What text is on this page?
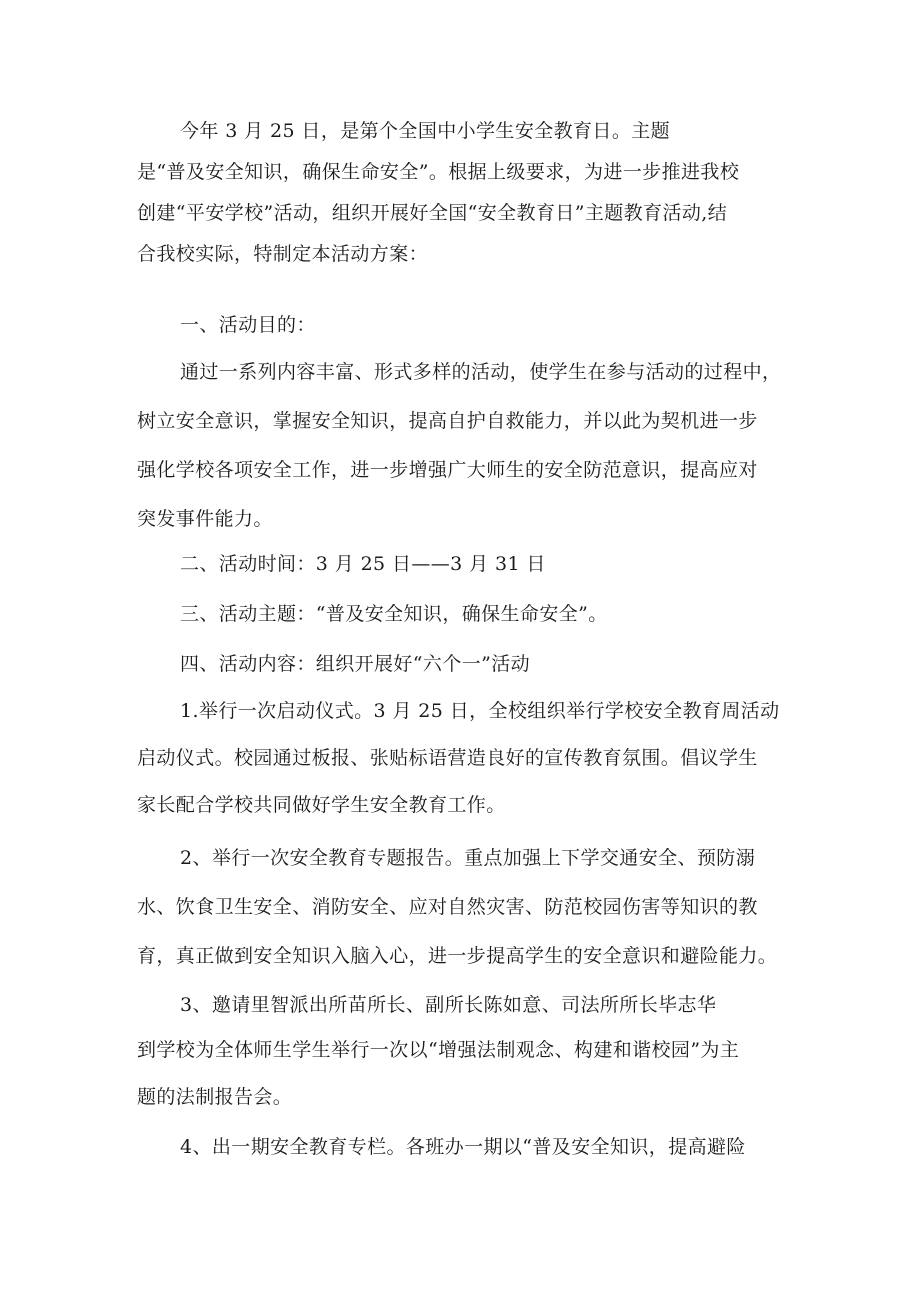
今年 3 月 25 日，是第个全国中小学生安全教育日。主题
是“普及安全知识，确保生命安全”。根据上级要求，为进一步推进我校
创建“平安学校”活动，组织开展好全国“安全教育日”主题教育活动,结
合我校实际，特制定本活动方案：
一、活动目的：
通过一系列内容丰富、形式多样的活动，使学生在参与活动的过程中，
树立安全意识，掌握安全知识，提高自护自救能力，并以此为契机进一步
强化学校各项安全工作，进一步增强广大师生的安全防范意识，提高应对
突发事件能力。
二、活动时间：3 月 25 日——3 月 31 日
三、活动主题：“普及安全知识，确保生命安全”。
四、活动内容：组织开展好“六个一”活动
1.举行一次启动仪式。3 月 25 日，全校组织举行学校安全教育周活动
启动仪式。校园通过板报、张贴标语营造良好的宣传教育氛围。倡议学生
家长配合学校共同做好学生安全教育工作。
2、举行一次安全教育专题报告。重点加强上下学交通安全、预防溺
水、饮食卫生安全、消防安全、应对自然灾害、防范校园伤害等知识的教
育，真正做到安全知识入脑入心，进一步提高学生的安全意识和避险能力。
3、邀请里智派出所苗所长、副所长陈如意、司法所所长毕志华
到学校为全体师生学生举行一次以“增强法制观念、构建和谐校园”为主
题的法制报告会。
4、出一期安全教育专栏。各班办一期以“普及安全知识，提高避险
